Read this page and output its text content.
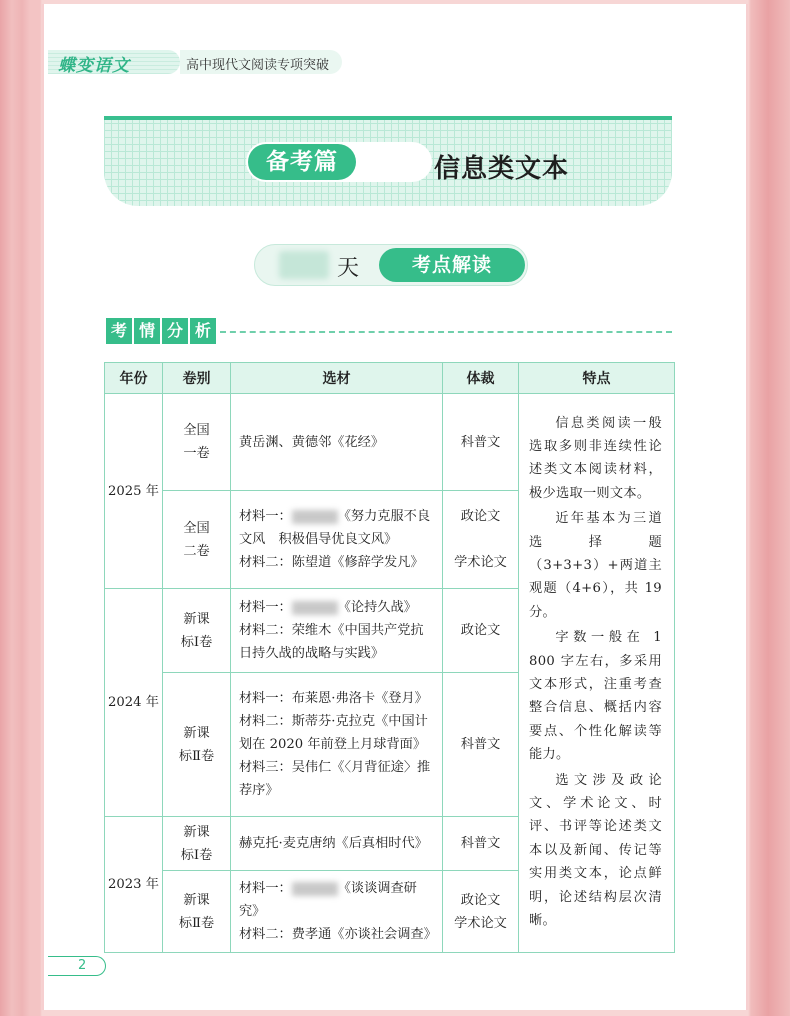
蝶变语文	高中现代文阅读专项突破
备考篇	信息类文本
天	考点解读
考 情 分 析
年份	卷别	选材	体裁	特点
2025 年	全国一卷	黄岳渊、黄德邻《花经》	科普文	信息类阅读一般选取多则非连续性论述类文本阅读材料，极少选取一则文本。

近年基本为三道选择题（3+3+3）+两道主观题（4+6），共 19 分。

字数一般在 1 800 字左右，多采用文本形式，注重考查整合信息、概括内容要点、个性化解读等能力。

选文涉及政论文、学术论文、时评、书评等论述类文本以及新闻、传记等实用类文本，论点鲜明，论述结构层次清晰。

	全国二卷	材料一： 《努力克服不良文风　积极倡导优良文风》
材料二：陈望道《修辞学发凡》	政论文

学术论文	
2024 年	新课标Ⅰ卷	材料一： 《论持久战》
材料二：荣维木《中国共产党抗日持久战的战略与实践》	政论文	
	新课标Ⅱ卷	材料一：布莱恩·弗洛卡《登月》
材料二：斯蒂芬·克拉克《中国计划在 2020 年前登上月球背面》
材料三：吴伟仁《〈月背征途〉推荐序》	科普文	
2023 年	新课标Ⅰ卷	赫克托·麦克唐纳《后真相时代》	科普文	
	新课标Ⅱ卷	材料一： 《谈谈调查研究》
材料二：费孝通《亦谈社会调查》	政论文
学术论文	
2
